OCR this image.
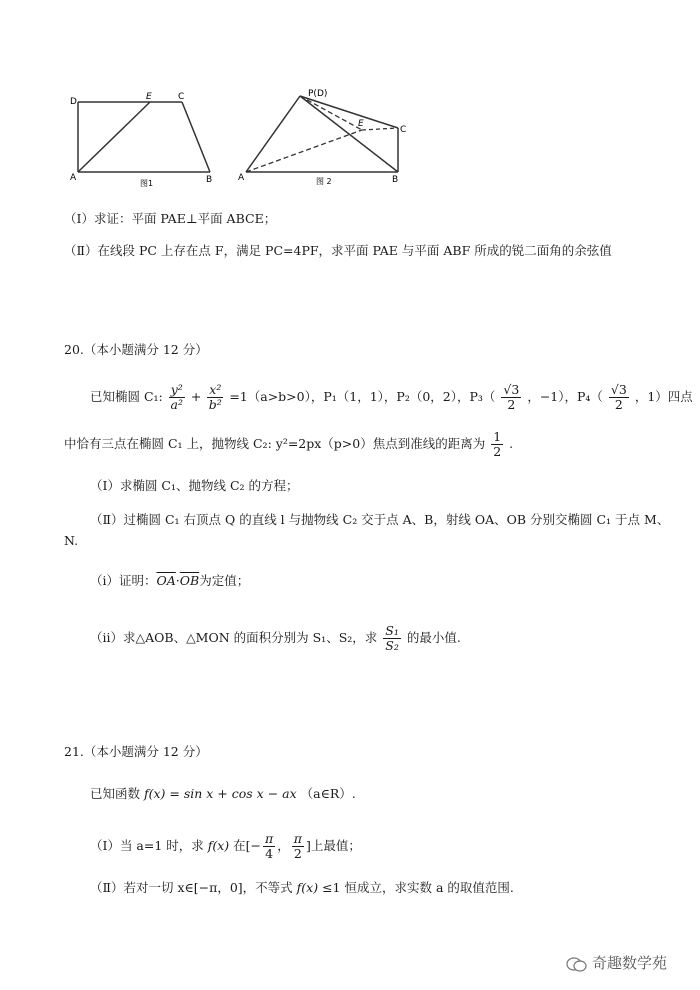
D	E	C
A	B
图1
P(D)
E
C
A	B
图 2
（Ⅰ）求证：平面 PAE⊥平面 ABCE；
（Ⅱ）在线段 PC 上存在点 F，满足 PC=4PF，求平面 PAE 与平面 ABF 所成的锐二面角的余弦值
20.（本小题满分 12 分）
已知椭圆 C₁: $\frac{\text{y²}}{\text{a²}} + \frac{\text{x²}}{\text{b²}} =1(a>b>0)$，P₁（1，1），P₂（0，2），$P_3( \frac{√3}{2}$ ，−1），$P_4( \frac{√3}{2}$ ，1）四点
中恰有三点在椭圆 C₁ 上，抛物线 C₂: y²=2px（p>0）焦点到准线的距离为 $\frac{1}{2}$ .
（Ⅰ）求椭圆 C₁、抛物线 C₂ 的方程；
（Ⅱ）过椭圆 C₁ 右顶点 Q 的直线 l 与抛物线 C₂ 交于点 A、B，射线 OA、OB 分别交椭圆 C₁ 于点 M、
N.
（i）证明：$\overline{OA}\cdot\overline{OB}$为定值；
（ii）求△AOB、△MON 的面积分别为 S₁、S₂，求 $\frac{\text{S₁}}{\text{S₂}}$ 的最小值.
21.（本小题满分 12 分）
已知函数 f(x) = sin x + cos x − ax （a∈R）.
（Ⅰ）当 a=1 时，求 f(x) 在[− $\frac{\pi}{4}$ ， $\frac{\pi}{2}$ ]上最值；
（Ⅱ）若对一切 x∈[−π，0]，不等式 f(x) ≤1 恒成立，求实数 a 的取值范围.
奇趣数学苑
